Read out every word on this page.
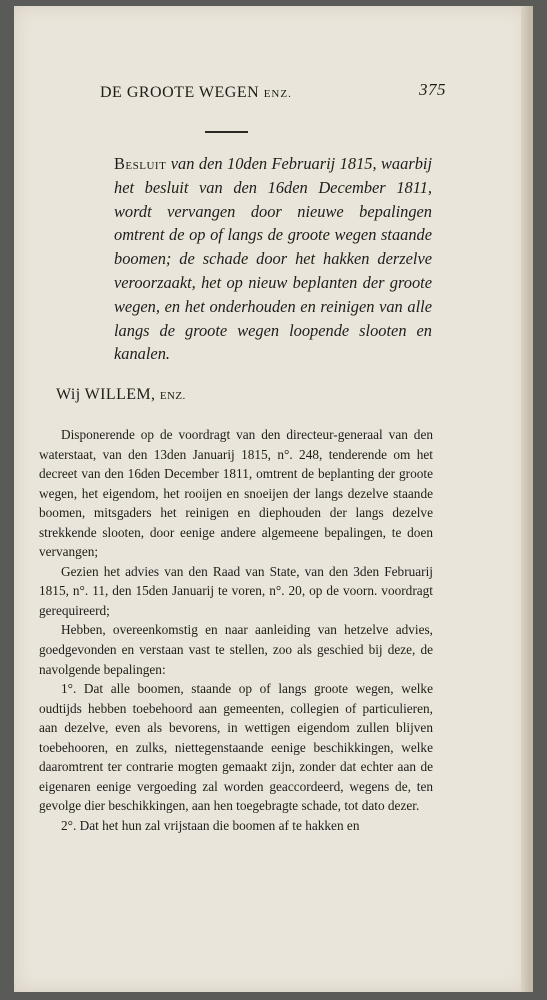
DE GROOTE WEGEN ENZ.	375
Besluit van den 10den Februarij 1815, waarbij het besluit van den 16den December 1811, wordt vervangen door nieuwe bepalingen omtrent de op of langs de groote wegen staande boomen; de schade door het hakken derzelve veroorzaakt, het op nieuw beplanten der groote wegen, en het onderhouden en reinigen van alle langs de groote wegen loopende slooten en kanalen.
Wij WILLEM, ENZ.

Disponerende op de voordragt van den directeur-generaal van den waterstaat, van den 13den Januarij 1815, n°. 248, tenderende om het decreet van den 16den December 1811, omtrent de beplanting der groote wegen, het eigendom, het rooijen en snoeijen der langs dezelve staande boomen, mitsgaders het reinigen en diephouden der langs dezelve strekkende slooten, door eenige andere algemeene bepalingen, te doen vervangen;

Gezien het advies van den Raad van State, van den 3den Februarij 1815, n°. 11, den 15den Januarij te voren, n°. 20, op de voorn. voordragt gerequireerd;

Hebben, overeenkomstig en naar aanleiding van hetzelve advies, goedgevonden en verstaan vast te stellen, zoo als geschied bij deze, de navolgende bepalingen:

1°. Dat alle boomen, staande op of langs groote wegen, welke oudtijds hebben toebehoord aan gemeenten, collegien of particulieren, aan dezelve, even als bevorens, in wettigen eigendom zullen blijven toebehooren, en zulks, niettegenstaande eenige beschikkingen, welke daaromtrent ter contrarie mogten gemaakt zijn, zonder dat echter aan de eigenaren eenige vergoeding zal worden geaccordeerd, wegens de, ten gevolge dier beschikkingen, aan hen toegebragte schade, tot dato dezer.

2°. Dat het hun zal vrijstaan die boomen af te hakken en
